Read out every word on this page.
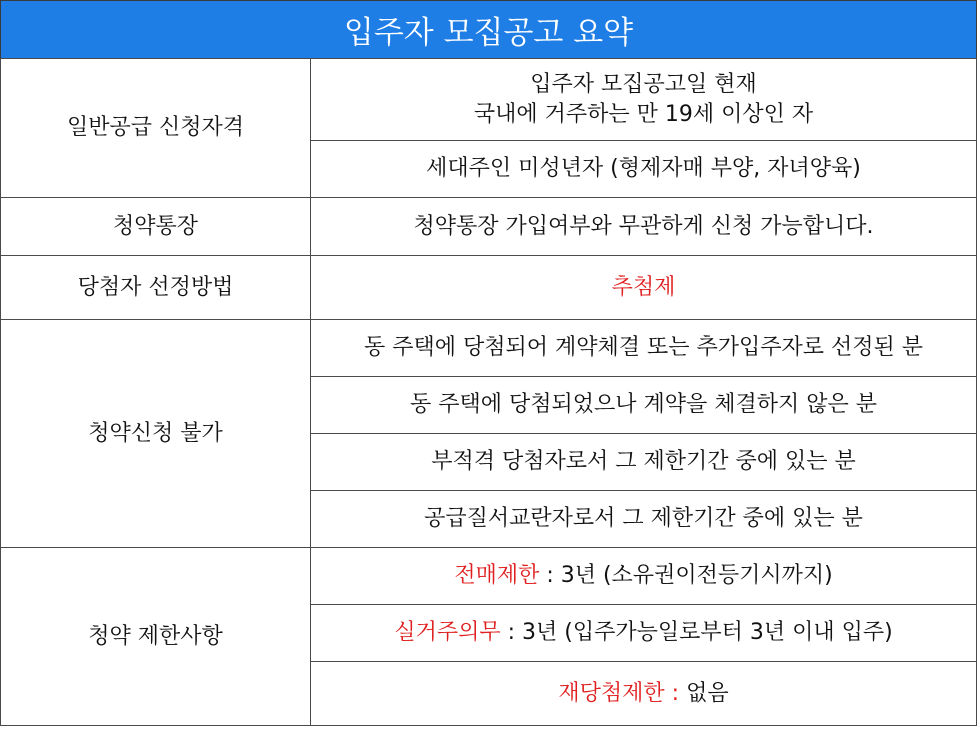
입주자 모집공고 요약
일반공급 신청자격	입주자 모집공고일 현재
국내에 거주하는 만 19세 이상인 자

	세대주인 미성년자 (형제자매 부양, 자녀양육)
청약통장	청약통장 가입여부와 무관하게 신청 가능합니다.
당첨자 선정방법	추첨제
청약신청 불가	동 주택에 당첨되어 계약체결 또는 추가입주자로 선정된 분
	동 주택에 당첨되었으나 계약을 체결하지 않은 분
	부적격 당첨자로서 그 제한기간 중에 있는 분
	공급질서교란자로서 그 제한기간 중에 있는 분
청약 제한사항	전매제한 : 3년 (소유권이전등기시까지)
	실거주의무 : 3년 (입주가능일로부터 3년 이내 입주)
	재당첨제한 : 없음
